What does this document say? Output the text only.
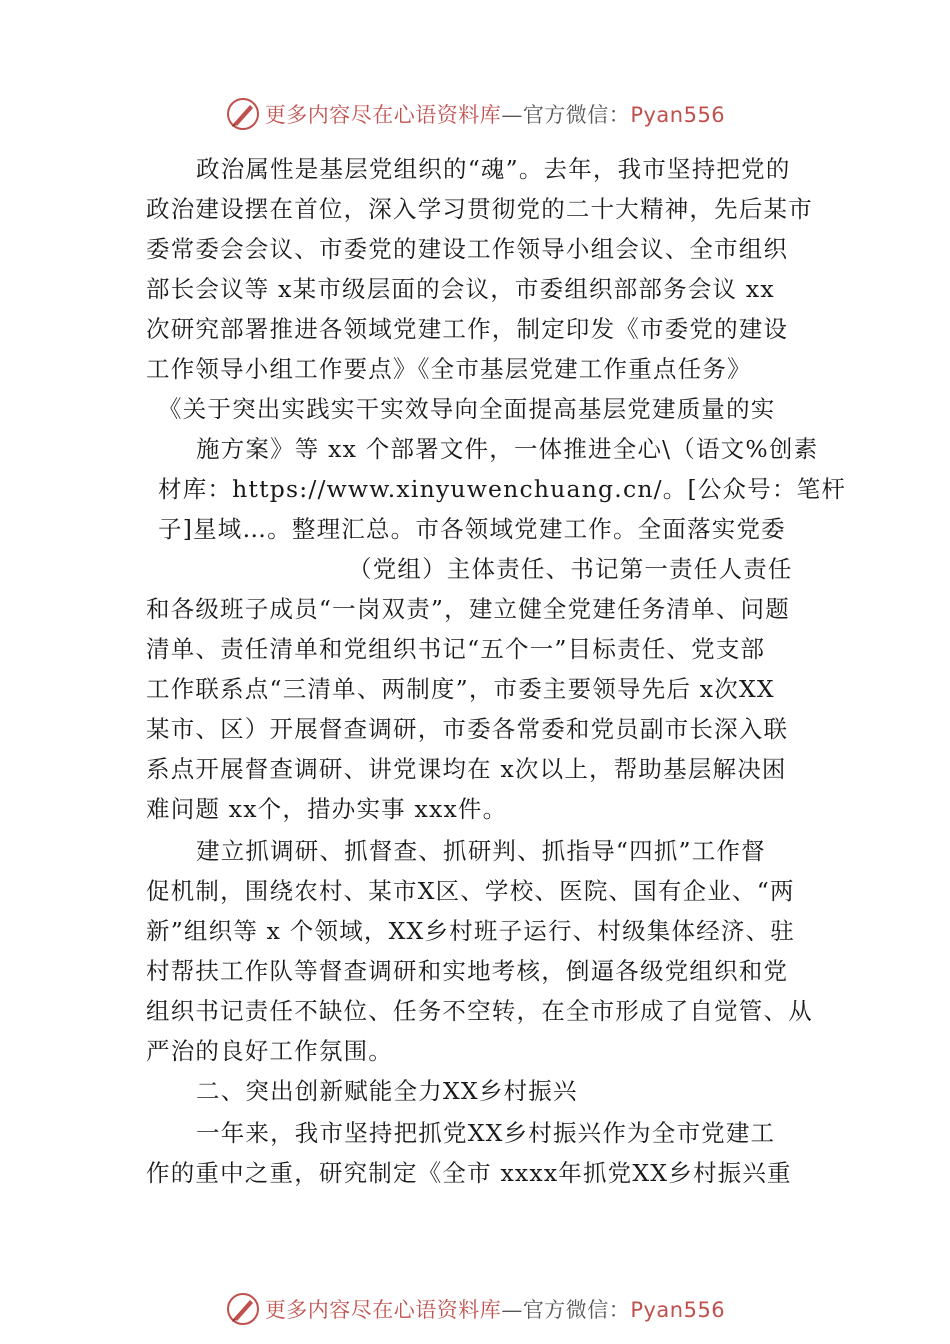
更多内容尽在心语资料库—官方微信：Pyan556
政治属性是基层党组织的“魂”。去年，我市坚持把党的
政治建设摆在首位，深入学习贯彻党的二十大精神，先后某市
委常委会会议、市委党的建设工作领导小组会议、全市组织
部长会议等 x某市级层面的会议，市委组织部部务会议 xx
次研究部署推进各领域党建工作，制定印发《市委党的建设
工作领导小组工作要点》《全市基层党建工作重点任务》
《关于突出实践实干实效导向全面提高基层党建质量的实
施方案》等 xx 个部署文件，一体推进全心\（语文%创素
材库：https://www.xinyuwenchuang.cn/。[公众号：笔杆
子]星域…。整理汇总。市各领域党建工作。全面落实党委
（党组）主体责任、书记第一责任人责任
和各级班子成员“一岗双责”，建立健全党建任务清单、问题
清单、责任清单和党组织书记“五个一”目标责任、党支部
工作联系点“三清单、两制度”，市委主要领导先后 x次XX
某市、区）开展督查调研，市委各常委和党员副市长深入联
系点开展督查调研、讲党课均在 x次以上，帮助基层解决困
难问题 xx个，措办实事 xxx件。
建立抓调研、抓督查、抓研判、抓指导“四抓”工作督
促机制，围绕农村、某市X区、学校、医院、国有企业、“两
新”组织等 x 个领域，XX乡村班子运行、村级集体经济、驻
村帮扶工作队等督查调研和实地考核，倒逼各级党组织和党
组织书记责任不缺位、任务不空转，在全市形成了自觉管、从
严治的良好工作氛围。
二、突出创新赋能全力XX乡村振兴
一年来，我市坚持把抓党XX乡村振兴作为全市党建工
作的重中之重，研究制定《全市 xxxx年抓党XX乡村振兴重
更多内容尽在心语资料库—官方微信：Pyan556
